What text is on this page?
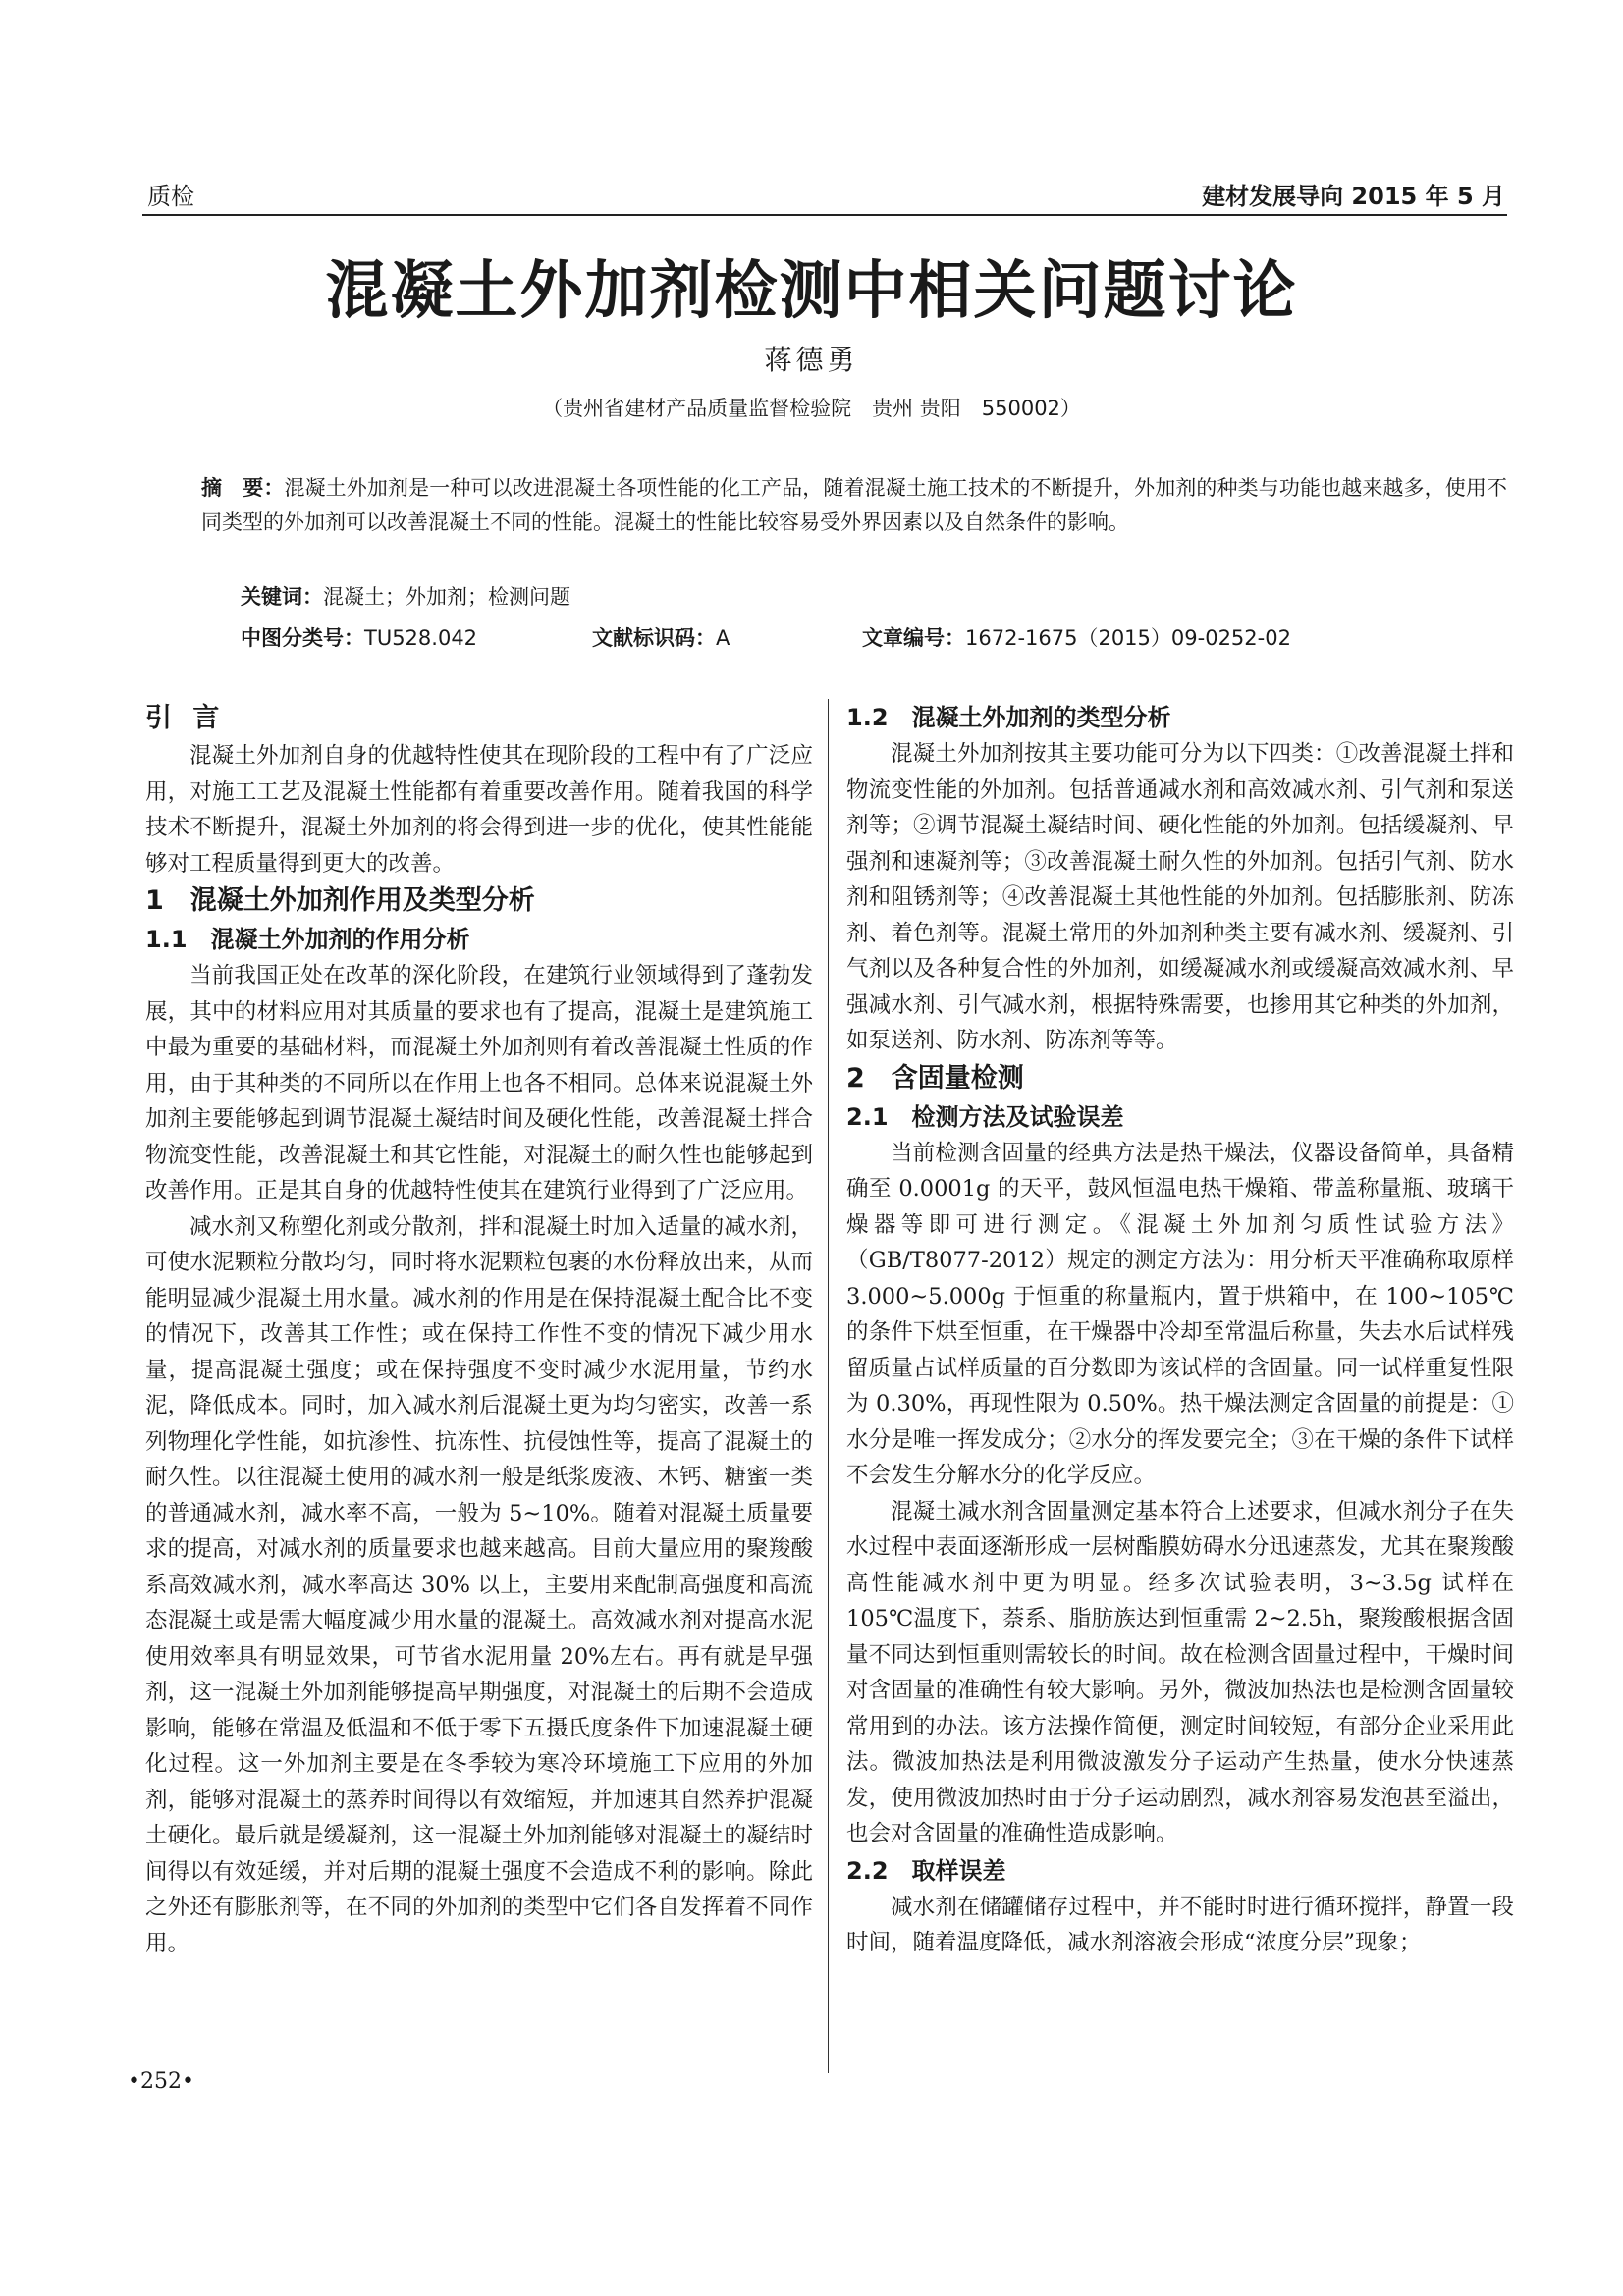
质检	建材发展导向 2015 年 5 月
混凝土外加剂检测中相关问题讨论
蒋德勇
（贵州省建材产品质量监督检验院　贵州 贵阳　550002）
摘　要：混凝土外加剂是一种可以改进混凝土各项性能的化工产品，随着混凝土施工技术的不断提升，外加剂的种类与功能也越来越多，使用不同类型的外加剂可以改善混凝土不同的性能。混凝土的性能比较容易受外界因素以及自然条件的影响。
关键词：混凝土；外加剂；检测问题
中图分类号：TU528.042	文献标识码：A	文章编号：1672-1675（2015）09-0252-02
引 言

混凝土外加剂自身的优越特性使其在现阶段的工程中有了广泛应用，对施工工艺及混凝土性能都有着重要改善作用。随着我国的科学技术不断提升，混凝土外加剂的将会得到进一步的优化，使其性能能够对工程质量得到更大的改善。

1　混凝土外加剂作用及类型分析
1.1　混凝土外加剂的作用分析

当前我国正处在改革的深化阶段，在建筑行业领域得到了蓬勃发展，其中的材料应用对其质量的要求也有了提高，混凝土是建筑施工中最为重要的基础材料，而混凝土外加剂则有着改善混凝土性质的作用，由于其种类的不同所以在作用上也各不相同。总体来说混凝土外加剂主要能够起到调节混凝土凝结时间及硬化性能，改善混凝土拌合物流变性能，改善混凝土和其它性能，对混凝土的耐久性也能够起到改善作用。正是其自身的优越特性使其在建筑行业得到了广泛应用。

减水剂又称塑化剂或分散剂，拌和混凝土时加入适量的减水剂，可使水泥颗粒分散均匀，同时将水泥颗粒包裹的水份释放出来，从而能明显减少混凝土用水量。减水剂的作用是在保持混凝土配合比不变的情况下，改善其工作性；或在保持工作性不变的情况下减少用水量，提高混凝土强度；或在保持强度不变时减少水泥用量，节约水泥，降低成本。同时，加入减水剂后混凝土更为均匀密实，改善一系列物理化学性能，如抗渗性、抗冻性、抗侵蚀性等，提高了混凝土的耐久性。以往混凝土使用的减水剂一般是纸浆废液、木钙、糖蜜一类的普通减水剂，减水率不高，一般为 5~10%。随着对混凝土质量要求的提高，对减水剂的质量要求也越来越高。目前大量应用的聚羧酸系高效减水剂，减水率高达 30% 以上，主要用来配制高强度和高流态混凝土或是需大幅度减少用水量的混凝土。高效减水剂对提高水泥使用效率具有明显效果，可节省水泥用量 20%左右。再有就是早强剂，这一混凝土外加剂能够提高早期强度，对混凝土的后期不会造成影响，能够在常温及低温和不低于零下五摄氏度条件下加速混凝土硬化过程。这一外加剂主要是在冬季较为寒冷环境施工下应用的外加剂，能够对混凝土的蒸养时间得以有效缩短，并加速其自然养护混凝土硬化。最后就是缓凝剂，这一混凝土外加剂能够对混凝土的凝结时间得以有效延缓，并对后期的混凝土强度不会造成不利的影响。除此之外还有膨胀剂等，在不同的外加剂的类型中它们各自发挥着不同作用。

1.2　混凝土外加剂的类型分析

混凝土外加剂按其主要功能可分为以下四类：①改善混凝土拌和物流变性能的外加剂。包括普通减水剂和高效减水剂、引气剂和泵送剂等；②调节混凝土凝结时间、硬化性能的外加剂。包括缓凝剂、早强剂和速凝剂等；③改善混凝土耐久性的外加剂。包括引气剂、防水剂和阻锈剂等；④改善混凝土其他性能的外加剂。包括膨胀剂、防冻剂、着色剂等。混凝土常用的外加剂种类主要有减水剂、缓凝剂、引气剂以及各种复合性的外加剂，如缓凝减水剂或缓凝高效减水剂、早强减水剂、引气减水剂，根据特殊需要，也掺用其它种类的外加剂，如泵送剂、防水剂、防冻剂等等。

2　含固量检测
2.1　检测方法及试验误差

当前检测含固量的经典方法是热干燥法，仪器设备简单，具备精确至 0.0001g 的天平，鼓风恒温电热干燥箱、带盖称量瓶、玻璃干燥器等即可进行测定。《混凝土外加剂匀质性试验方法》（GB/T8077-2012）规定的测定方法为：用分析天平准确称取原样 3.000~5.000g 于恒重的称量瓶内，置于烘箱中，在 100~105℃的条件下烘至恒重，在干燥器中冷却至常温后称量，失去水后试样残留质量占试样质量的百分数即为该试样的含固量。同一试样重复性限为 0.30%，再现性限为 0.50%。热干燥法测定含固量的前提是：①水分是唯一挥发成分；②水分的挥发要完全；③在干燥的条件下试样不会发生分解水分的化学反应。

混凝土减水剂含固量测定基本符合上述要求，但减水剂分子在失水过程中表面逐渐形成一层树酯膜妨碍水分迅速蒸发，尤其在聚羧酸高性能减水剂中更为明显。经多次试验表明，3~3.5g 试样在 105℃温度下，萘系、脂肪族达到恒重需 2~2.5h，聚羧酸根据含固量不同达到恒重则需较长的时间。故在检测含固量过程中，干燥时间对含固量的准确性有较大影响。另外，微波加热法也是检测含固量较常用到的办法。该方法操作简便，测定时间较短，有部分企业采用此法。微波加热法是利用微波激发分子运动产生热量，使水分快速蒸发，使用微波加热时由于分子运动剧烈，减水剂容易发泡甚至溢出，也会对含固量的准确性造成影响。

2.2　取样误差

减水剂在储罐储存过程中，并不能时时进行循环搅拌，静置一段时间，随着温度降低，减水剂溶液会形成“浓度分层”现象；

•252•
